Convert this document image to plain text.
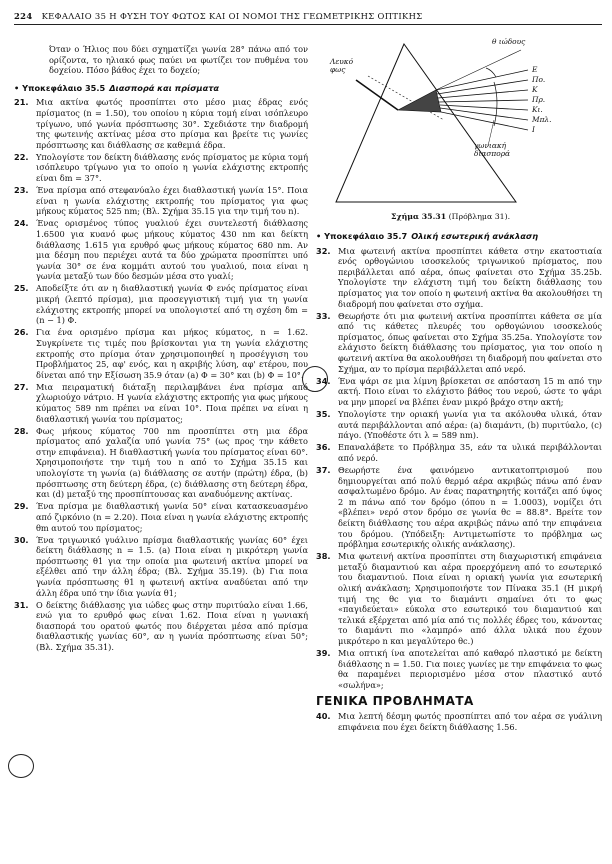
224 ΚΕΦΑΛΑΙΟ 35 Η ΦΥΣΗ ΤΟΥ ΦΩΤΟΣ ΚΑΙ ΟΙ ΝΟΜΟΙ ΤΗΣ ΓΕΩΜΕΤΡΙΚΗΣ ΟΠΤΙΚΗΣ
Όταν ο Ήλιος που δύει σχηματίζει γωνία 28° πάνω από τον ορίζοντα, το ηλιακό φως παύει να φωτίζει τον πυθμένα του δοχείου. Πόσο βάθος έχει το δοχείο;
• Υποκεφάλαιο 35.5 Διασπορά και πρίσματα
21. Μια ακτίνα φωτός προσπίπτει στο μέσο μιας έδρας ενός πρίσματος (n = 1.50), του οποίου η κύρια τομή είναι ισόπλευρο τρίγωνο, υπό γωνία πρόσπτωσης 30°. Σχεδιάστε την διαδρομή της φωτεινής ακτίνας μέσα στο πρίσμα και βρείτε τις γωνίες πρόσπτωσης και διάθλασης σε καθεμιά έδρα.
22. Υπολογίστε τον δείκτη διάθλασης ενός πρίσματος με κύρια τομή ισόπλευρο τρίγωνο για το οποίο η γωνία ελάχιστης εκτροπής είναι δm = 37°.
23. Ένα πρίσμα από στεφανύαλο έχει διαθλαστική γωνία 15°. Ποια είναι η γωνία ελάχιστης εκτροπής του πρίσματος για φως μήκους κύματος 525 nm; (Βλ. Σχήμα 35.15 για την τιμή του n).
24. Ένας ορισμένος τύπος γυαλιού έχει συντελεστή διάθλασης 1.6500 για κυανό φως μήκους κύματος 430 nm και δείκτη διάθλασης 1.615 για ερυθρό φως μήκους κύματος 680 nm. Αν μια δέσμη που περιέχει αυτά τα δύο χρώματα προσπίπτει υπό γωνία 30° σε ένα κομμάτι αυτού του γυαλιού, ποια είναι η γωνία μεταξύ των δύο δεσμών μέσα στο γυαλί;
25. Αποδείξτε ότι αν η διαθλαστική γωνία Φ ενός πρίσματος είναι μικρή (λεπτό πρίσμα), μια προσεγγιστική τιμή για τη γωνία ελάχιστης εκτροπής μπορεί να υπολογιστεί από τη σχέση δm = (n − 1) Φ.
26. Για ένα ορισμένο πρίσμα και μήκος κύματος, n = 1.62. Συγκρίνετε τις τιμές που βρίσκονται για τη γωνία ελάχιστης εκτροπής στο πρίσμα όταν χρησιμοποιηθεί η προσέγγιση του Προβλήματος 25, αφ' ενός, και η ακριβής λύση, αφ' ετέρου, που δίνεται από την Εξίσωση 35.9 όταν (a) Φ = 30° και (b) Φ = 10°.
27. Μια πειραματική διάταξη περιλαμβάνει ένα πρίσμα από χλωριούχο νάτριο. Η γωνία ελάχιστης εκτροπής για φως μήκους κύματος 589 nm πρέπει να είναι 10°. Ποια πρέπει να είναι η διαθλαστική γωνία του πρίσματος;
28. Φως μήκους κύματος 700 nm προσπίπτει στη μια έδρα πρίσματος από χαλαζία υπό γωνία 75° (ως προς την κάθετο στην επιφάνεια). Η διαθλαστική γωνία του πρίσματος είναι 60°. Χρησιμοποιήστε την τιμή του n από το Σχήμα 35.15 και υπολογίστε τη γωνία (a) διάθλασης σε αυτήν (πρώτη) έδρα, (b) πρόσπτωσης στη δεύτερη έδρα, (c) διάθλασης στη δεύτερη έδρα, και (d) μεταξύ της προσπίπτουσας και αναδυόμενης ακτίνας.
29. Ένα πρίσμα με διαθλαστική γωνία 50° είναι κατασκευασμένο από ζιρκόνιο (n = 2.20). Ποια είναι η γωνία ελάχιστης εκτροπής θm αυτού του πρίσματος;
30. Ένα τριγωνικό γυάλινο πρίσμα διαθλαστικής γωνίας 60° έχει δείκτη διάθλασης n = 1.5. (a) Ποια είναι η μικρότερη γωνία πρόσπτωσης θ1 για την οποία μια φωτεινή ακτίνα μπορεί να εξέλθει από την άλλη έδρα; (Βλ. Σχήμα 35.19). (b) Για ποια γωνία πρόσπτωσης θ1 η φωτεινή ακτίνα αναδύεται από την άλλη έδρα υπό την ίδια γωνία θ1;
31. Ο δείκτης διάθλασης για ιώδες φως στην πυριτύαλο είναι 1.66, ενώ για το ερυθρό φως είναι 1.62. Ποια είναι η γωνιακή διασπορά του ορατού φωτός που διέρχεται μέσα από πρίσμα διαθλαστικής γωνίας 60°, αν η γωνία πρόσπτωσης είναι 50°; (Βλ. Σχήμα 35.31).
Λευκό φως
γωνιακή διασπορά
θ ιώδους
Ε
Πο.
Κ
Πρ.
Κι.
Μπλ.
Ι
Σχήμα 35.31 (Πρόβλημα 31).
• Υποκεφάλαιο 35.7 Ολική εσωτερική ανάκλαση
32. Μια φωτεινή ακτίνα προσπίπτει κάθετα στην εκατοστιαία ενός ορθογώνιου ισοσκελούς τριγωνικού πρίσματος, που περιβάλλεται από αέρα, όπως φαίνεται στο Σχήμα 35.25b. Υπολογίστε την ελάχιστη τιμή του δείκτη διάθλασης του πρίσματος για τον οποίο η φωτεινή ακτίνα θα ακολουθήσει τη διαδρομή που φαίνεται στο σχήμα.
33. Θεωρήστε ότι μια φωτεινή ακτίνα προσπίπτει κάθετα σε μία από τις κάθετες πλευρές του ορθογώνιου ισοσκελούς πρίσματος, όπως φαίνεται στο Σχήμα 35.25a. Υπολογίστε τον ελάχιστο δείκτη διάθλασης του πρίσματος, για τον οποίο η φωτεινή ακτίνα θα ακολουθήσει τη διαδρομή που φαίνεται στο Σχήμα, αν το πρίσμα περιβάλλεται από νερό.
34. Ένα ψάρι σε μια λίμνη βρίσκεται σε απόσταση 15 m από την ακτή. Ποιο είναι το ελάχιστο βάθος του νερού, ώστε το ψάρι να μην μπορεί να βλέπει έναν μικρό βράχο στην ακτή;
35. Υπολογίστε την οριακή γωνία για τα ακόλουθα υλικά, όταν αυτά περιβάλλονται από αέρα: (a) διαμάντι, (b) πυριτύαλο, (c) πάγο. (Υποθέστε ότι λ = 589 nm).
36. Επαναλάβετε το Πρόβλημα 35, εάν τα υλικά περιβάλλονται από νερό.
37. Θεωρήστε ένα φαινόμενο αντικατοπτρισμού που δημιουργείται από πολύ θερμό αέρα ακριβώς πάνω από έναν ασφαλτωμένο δρόμο. Αν ένας παρατηρητής κοιτάζει από ύψος 2 m πάνω από τον δρόμο (όπου n = 1.0003), νομίζει ότι «βλέπει» νερό στον δρόμο σε γωνία θc = 88.8°. Βρείτε τον δείκτη διάθλασης του αέρα ακριβώς πάνω από την επιφάνεια του δρόμου. (Υπόδειξη: Αντιμετωπίστε το πρόβλημα ως πρόβλημα εσωτερικής ολικής ανάκλασης).
38. Μια φωτεινή ακτίνα προσπίπτει στη διαχωριστική επιφάνεια μεταξύ διαμαντιού και αέρα προερχόμενη από το εσωτερικό του διαμαντιού. Ποια είναι η οριακή γωνία για εσωτερική ολική ανάκλαση; Χρησιμοποιήστε τον Πίνακα 35.1 (Η μικρή τιμή της θc για το διαμάντι σημαίνει ότι το φως «παγιδεύεται» εύκολα στο εσωτερικό του διαμαντιού και τελικά εξέρχεται από μία από τις πολλές έδρες του, κάνοντας το διαμάντι πιο «λαμπρό» από άλλα υλικά που έχουν μικρότερο n και μεγαλύτερο θc.)
39. Μια οπτική ίνα αποτελείται από καθαρό πλαστικό με δείκτη διάθλασης n = 1.50. Για ποιες γωνίες με την επιφάνεια το φως θα παραμένει περιορισμένο μέσα στον πλαστικό αυτό «σωλήνα»;
ΓΕΝΙΚΑ ΠΡΟΒΛΗΜΑΤΑ
40. Μια λεπτή δέσμη φωτός προσπίπτει από τον αέρα σε γυάλινη επιφάνεια που έχει δείκτη διάθλασης 1.56.
